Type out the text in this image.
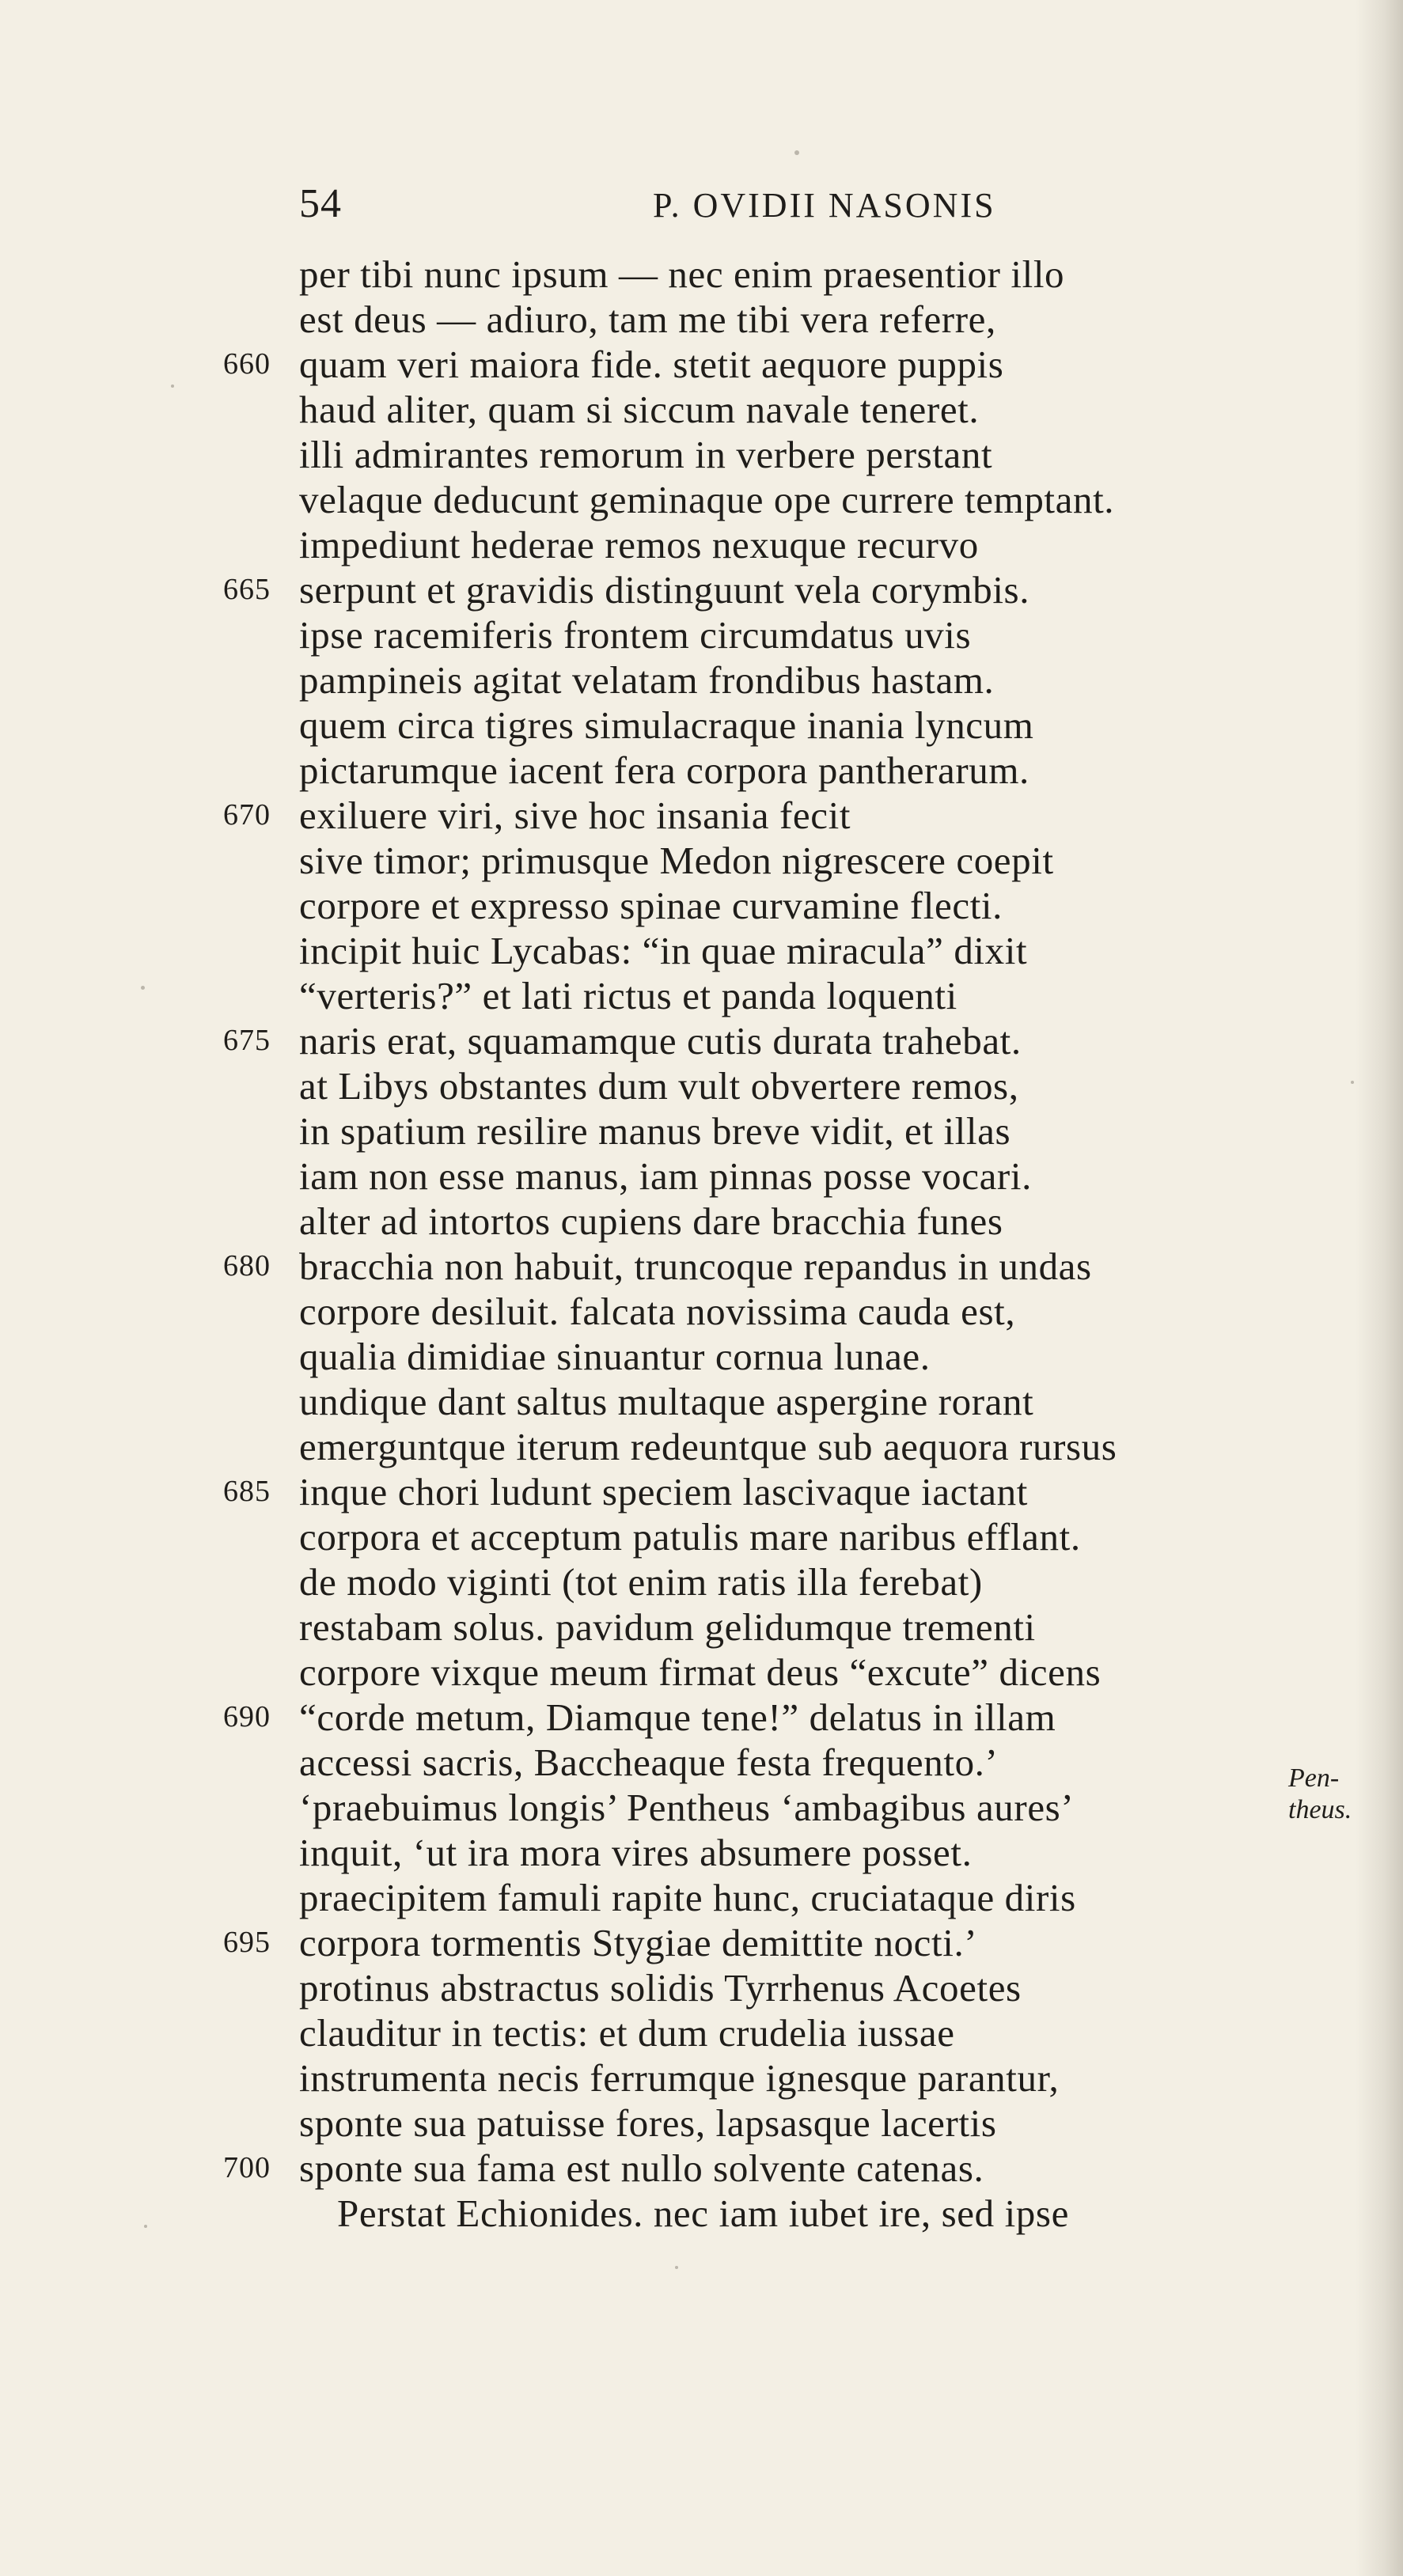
54	P. OVIDII NASONIS
per tibi nunc ipsum — nec enim praesentior illo
est deus — adiuro, tam me tibi vera referre,
660 quam veri maiora fide. stetit aequore puppis
haud aliter, quam si siccum navale teneret.
illi admirantes remorum in verbere perstant
velaque deducunt geminaque ope currere temptant.
impediunt hederae remos nexuque recurvo
665 serpunt et gravidis distinguunt vela corymbis.
ipse racemiferis frontem circumdatus uvis
pampineis agitat velatam frondibus hastam.
quem circa tigres simulacraque inania lyncum
pictarumque iacent fera corpora pantherarum.
670 exiluere viri, sive hoc insania fecit
sive timor; primusque Medon nigrescere coepit
corpore et expresso spinae curvamine flecti.
incipit huic Lycabas: “in quae miracula” dixit
“verteris?” et lati rictus et panda loquenti
675 naris erat, squamamque cutis durata trahebat.
at Libys obstantes dum vult obvertere remos,
in spatium resilire manus breve vidit, et illas
iam non esse manus, iam pinnas posse vocari.
alter ad intortos cupiens dare bracchia funes
680 bracchia non habuit, truncoque repandus in undas
corpore desiluit. falcata novissima cauda est,
qualia dimidiae sinuantur cornua lunae.
undique dant saltus multaque aspergine rorant
emerguntque iterum redeuntque sub aequora rursus
685 inque chori ludunt speciem lascivaque iactant
corpora et acceptum patulis mare naribus efflant.
de modo viginti (tot enim ratis illa ferebat)
restabam solus. pavidum gelidumque trementi
corpore vixque meum firmat deus “excute” dicens
690 “corde metum, Diamque tene!” delatus in illam
accessi sacris, Baccheaque festa frequento.’
‘praebuimus longis’ Pentheus ‘ambagibus aures’
inquit, ‘ut ira mora vires absumere posset.
praecipitem famuli rapite hunc, cruciataque diris
695 corpora tormentis Stygiae demittite nocti.’
protinus abstractus solidis Tyrrhenus Acoetes
clauditur in tectis: et dum crudelia iussae
instrumenta necis ferrumque ignesque parantur,
sponte sua patuisse fores, lapsasque lacertis
700 sponte sua fama est nullo solvente catenas.
Perstat Echionides. nec iam iubet ire, sed ipse
Pen-
theus.
